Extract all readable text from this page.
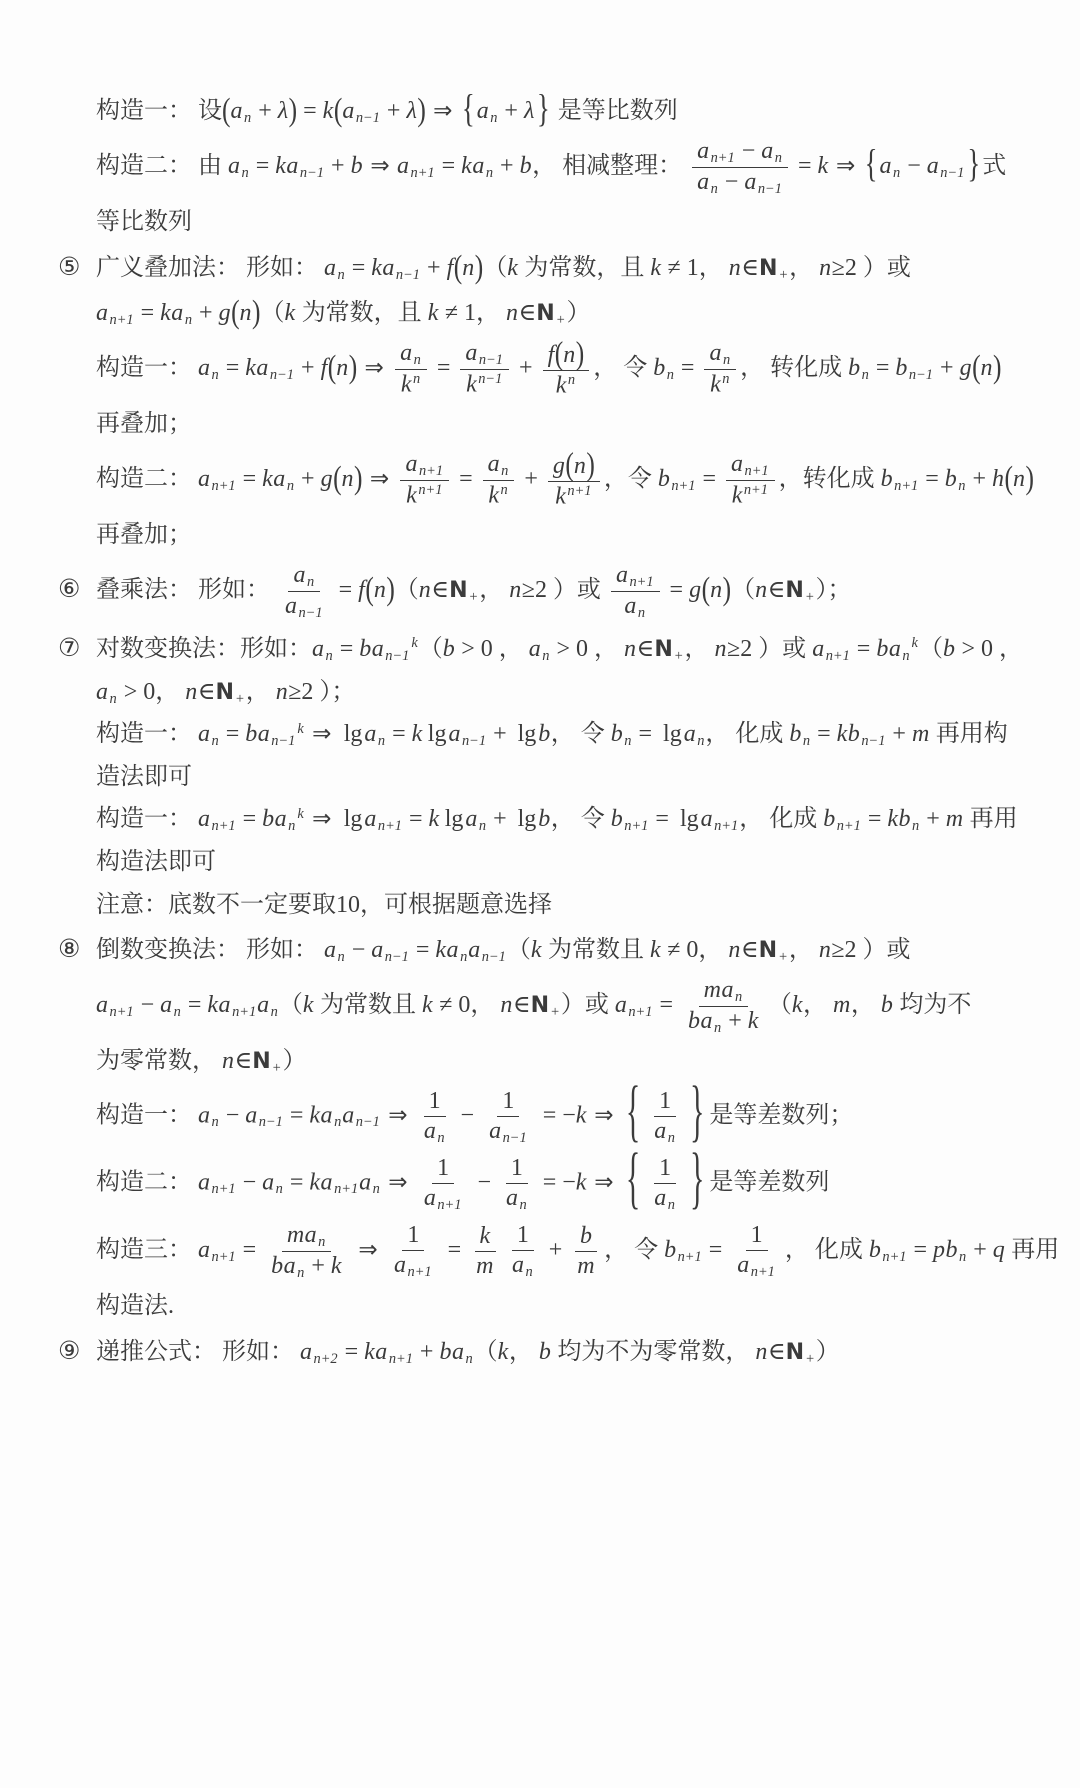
构造一： 设$(a_n + \lambda) = k(a_{n-1} + \lambda)$ ⇒ $\{a_n + \lambda\}$ 是等比数列
构造二： 由 $a_n = ka_{n-1} + b$ ⇒ $a_{n+1} = ka_n + b$， 相减整理： $\frac{a_{n+1} - a_n}{a_n - a_{n-1}} = k$ ⇒ {$a_n - a_{n-1}$ }式
等比数列
⑤ 广义叠加法： 形如： $a_n = ka_{n-1} + f(n)(k$ 为常数，且 k ≠ 1， $n\in N_+$， n≥2 ）或
$a_{n+1} = ka_n + g(n)(k$ 为常数，且 k ≠ 1， $n\in N_+$）
构造一： $a_n = ka_{n-1} + f(n)$ ⇒ $\frac{a_n}{k^n} = \frac{a_{n-1}}{k^{n-1}} + \frac{f(n)}{k^n}$ ， 令 $b_n = \frac{a_n}{k^n}$ ， 转化成 $b_n = b_{n-1} + g(n)$
再叠加；
构造二： $a_{n+1} = ka_n + g(n)$ ⇒ $\frac{a_{n+1}}{k^{n+1}} = \frac{a_n}{k^n} + \frac{g(n)}{k^{n+1}}$ ，令 $b_{n+1} = \frac{a_{n+1}}{k^{n+1}}$ ，转化成 $b_{n+1} = b_n + h(n)$
再叠加；
⑥ 叠乘法： 形如： $\frac{a_n}{a_{n-1}}$ = $f(n)(n\in N_+$， n≥2 ）或 $\frac{a_{n+1}}{a_n}$ = $g(n)(n\in N_+)$；
⑦ 对数变换法：形如：$a_n = ba_{n-1}^k(b > 0$ ， $a_n > 0$ ， $n\in N_+$， n≥2 ）或 $a_{n+1} = ba_n^k(b > 0$ ，
$a_n > 0$， $n\in N_+$， n≥2 ）；
构造一： $a_n = ba_{n-1}^k$ ⇒ lga$_n$ = k lga$_{n-1}$ + lgb， 令 $b_n = \lg a_n$， 化成 $b_n = kb_{n-1} + m$ 再用构
造法即可
构造一： $a_{n+1} = ba_n^k$ ⇒ lga$_{n+1}$ = k lga$_n$ + lgb， 令 $b_{n+1} = \lg a_{n+1}$， 化成 $b_{n+1} = kb_n + m$ 再用
构造法即可
注意：底数不一定要取10，可根据题意选择
⑧ 倒数变换法： 形如： $a_n - a_{n-1} = ka_na_{n-1}(k$ 为常数且 k ≠ 0， $n\in N_+$， n≥2 ）或
$a_{n+1} - a_n = ka_{n+1}a_n(k$ 为常数且 k ≠ 0， $n\in N_+$）或 $a_{n+1} = \frac{ma_n}{ba_n + k} (k$， m， b 均为不
为零常数， $n\in N_+$）
构造一： $a_n - a_{n-1} = ka_na_{n-1}$ ⇒ $\frac{1}{a_n} - \frac{1}{a_{n-1}} = -k$ ⇒ { $\frac{1}{a_n}$ } 是等差数列；
构造二： $a_{n+1} - a_n = ka_{n+1}a_n$ ⇒ $\frac{1}{a_{n+1}} - \frac{1}{a_n} = -k$ ⇒ { $\frac{1}{a_n}$ } 是等差数列
构造三： $a_{n+1} = \frac{ma_n}{ba_n + k}$ ⇒ $\frac{1}{a_{n+1}} = \frac{k}{m} \frac{1}{a_n} + \frac{b}{m}$ ， 令 $b_{n+1} = \frac{1}{a_{n+1}}$ ， 化成 $b_{n+1} = pb_n + q$ 再用
构造法.
⑨ 递推公式： 形如： $a_{n+2} = ka_{n+1} + ba_n(k$， b 均为不为零常数， $n\in N_+$）
